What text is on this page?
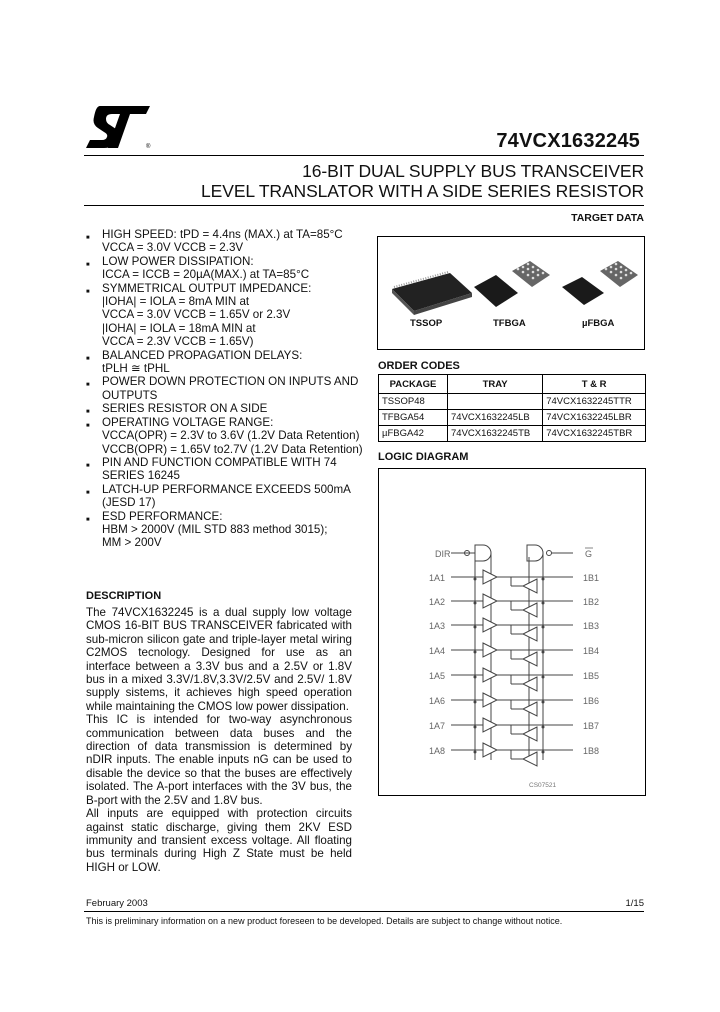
®	74VCX1632245
16-BIT DUAL SUPPLY BUS TRANSCEIVER
LEVEL TRANSLATOR WITH A SIDE SERIES RESISTOR
TARGET DATA
■ HIGH SPEED: tPD = 4.4ns (MAX.) at TA=85°C
VCCA = 3.0V VCCB = 2.3V
■ LOW POWER DISSIPATION:
ICCA = ICCB = 20µA(MAX.) at TA=85°C
■ SYMMETRICAL OUTPUT IMPEDANCE:
|IOHA| = IOLA = 8mA MIN at
VCCA = 3.0V VCCB = 1.65V or 2.3V
|IOHA| = IOLA = 18mA MIN at
VCCA = 2.3V VCCB = 1.65V)
■ BALANCED PROPAGATION DELAYS:
tPLH ≅ tPHL
■ POWER DOWN PROTECTION ON INPUTS AND OUTPUTS
■ SERIES RESISTOR ON A SIDE
■ OPERATING VOLTAGE RANGE:
VCCA(OPR) = 2.3V to 3.6V (1.2V Data Retention)
VCCB(OPR) = 1.65V to2.7V (1.2V Data Retention)
■ PIN AND FUNCTION COMPATIBLE WITH 74 SERIES 16245
■ LATCH-UP PERFORMANCE EXCEEDS 500mA (JESD 17)
■ ESD PERFORMANCE:
HBM > 2000V (MIL STD 883 method 3015);
MM > 200V
DESCRIPTION
The 74VCX1632245 is a dual supply low voltage CMOS 16-BIT BUS TRANSCEIVER fabricated with sub-micron silicon gate and triple-layer metal wiring C2MOS tecnology. Designed for use as an interface between a 3.3V bus and a 2.5V or 1.8V bus in a mixed 3.3V/1.8V,3.3V/2.5V and 2.5V/ 1.8V supply sistems, it achieves high speed operation while maintaining the CMOS low power dissipation.
This IC is intended for two-way asynchronous communication between data buses and the direction of data transmission is determined by nDIR inputs. The enable inputs nG can be used to disable the device so that the buses are effectively isolated. The A-port interfaces with the 3V bus, the B-port with the 2.5V and 1.8V bus.
All inputs are equipped with protection circuits against static discharge, giving them 2KV ESD immunity and transient excess voltage. All floating bus terminals during High Z State must be held HIGH or LOW.
TSSOP	TFBGA	µFBGA
ORDER CODES
PACKAGE	TRAY	T & R
TSSOP48		74VCX1632245TTR
TFBGA54	74VCX1632245LB	74VCX1632245LBR
µFBGA42	74VCX1632245TB	74VCX1632245TBR
LOGIC DIAGRAM
DIR	G
1A1	1B1
1A2	1B2
1A3	1B3
1A4	1B4
1A5	1B5
1A6	1B6
1A7	1B7
1A8	1B8
CS07521
February 2003	1/15
This is preliminary information on a new product foreseen to be developed. Details are subject to change without notice.
